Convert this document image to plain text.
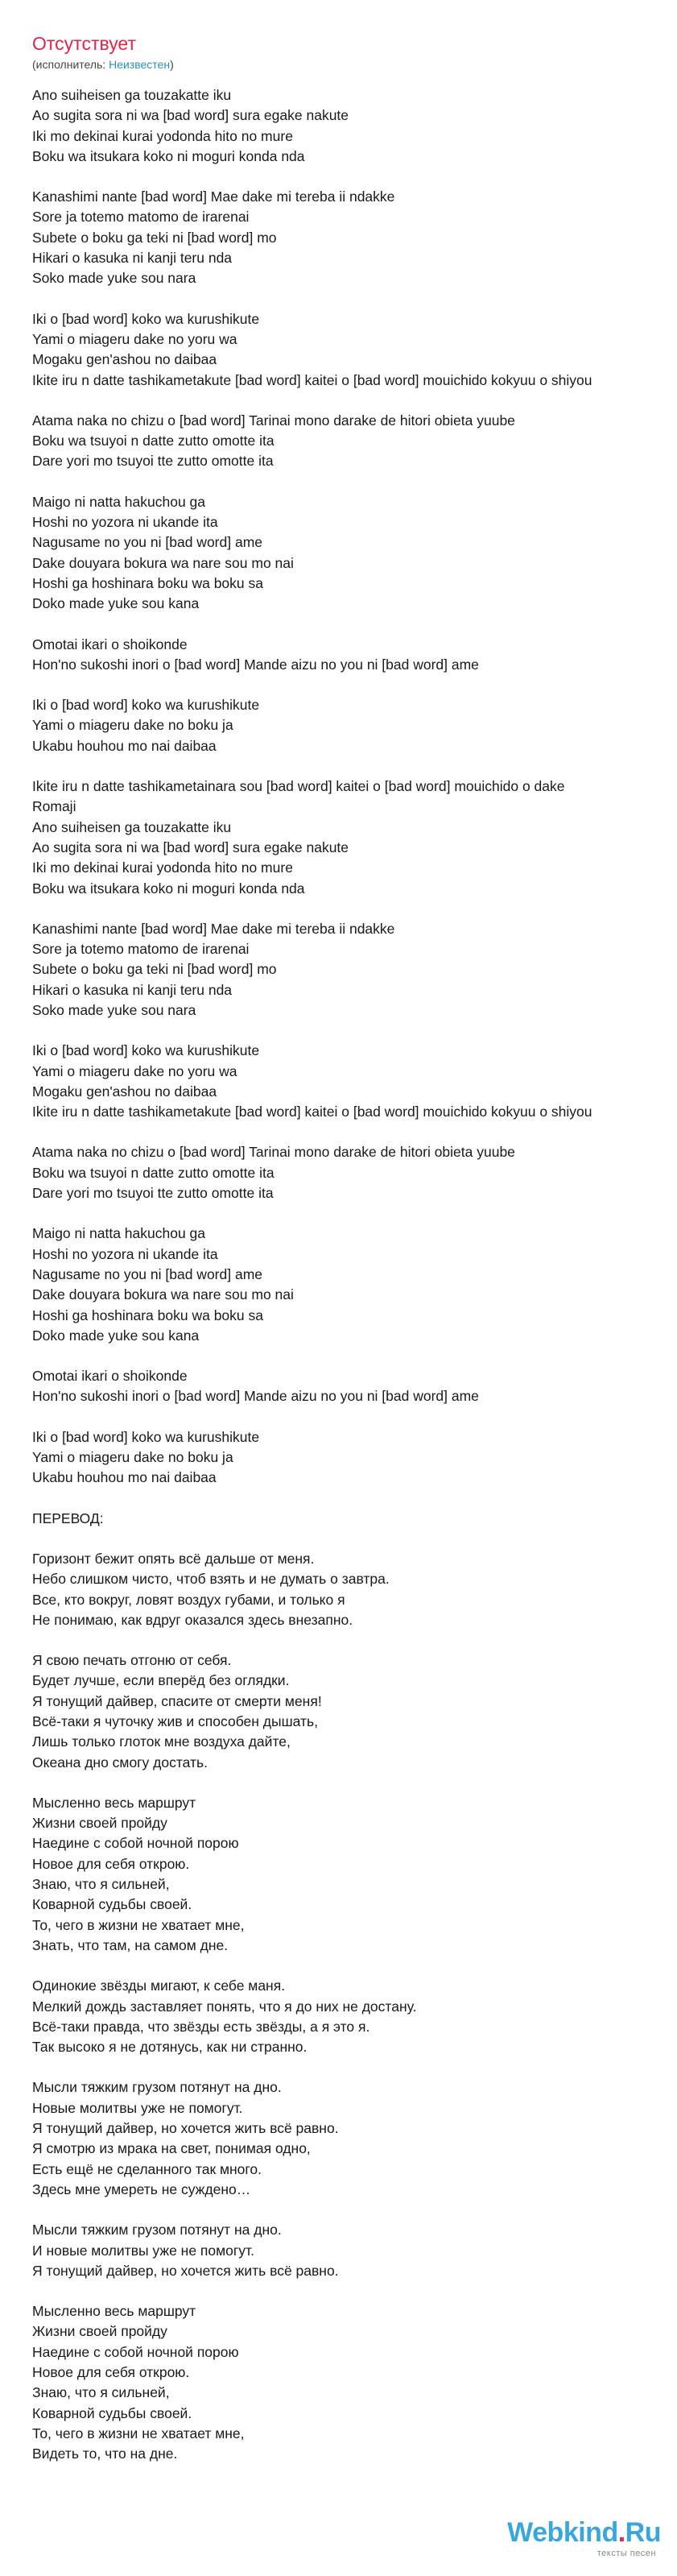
Отсутствует
(исполнитель: Неизвестен)
Ano suiheisen ga touzakatte iku
Ao sugita sora ni wa [bad word] sura egake nakute
Iki mo dekinai kurai yodonda hito no mure
Boku wa itsukara koko ni moguri konda nda
Kanashimi nante [bad word] Mae dake mi tereba ii ndakke
Sore ja totemo matomo de irarenai
Subete o boku ga teki ni [bad word] mo
Hikari o kasuka ni kanji teru nda
Soko made yuke sou nara
Iki o [bad word] koko wa kurushikute
Yami o miageru dake no yoru wa
Mogaku gen'ashou no daibaa
Ikite iru n datte tashikametakute [bad word] kaitei o [bad word] mouichido kokyuu o shiyou
Atama naka no chizu o [bad word] Tarinai mono darake de hitori obieta yuube
Boku wa tsuyoi n datte zutto omotte ita
Dare yori mo tsuyoi tte zutto omotte ita
Maigo ni natta hakuchou ga
Hoshi no yozora ni ukande ita
Nagusame no you ni [bad word] ame
Dake douyara bokura wa nare sou mo nai
Hoshi ga hoshinara boku wa boku sa
Doko made yuke sou kana
Omotai ikari o shoikonde
Hon'no sukoshi inori o [bad word] Mande aizu no you ni [bad word] ame
Iki o [bad word] koko wa kurushikute
Yami o miageru dake no boku ja
Ukabu houhou mo nai daibaa
Ikite iru n datte tashikametainara sou [bad word] kaitei o [bad word] mouichido o dake
Romaji
Ano suiheisen ga touzakatte iku
Ao sugita sora ni wa [bad word] sura egake nakute
Iki mo dekinai kurai yodonda hito no mure
Boku wa itsukara koko ni moguri konda nda
Kanashimi nante [bad word] Mae dake mi tereba ii ndakke
Sore ja totemo matomo de irarenai
Subete o boku ga teki ni [bad word] mo
Hikari o kasuka ni kanji teru nda
Soko made yuke sou nara
Iki o [bad word] koko wa kurushikute
Yami o miageru dake no yoru wa
Mogaku gen'ashou no daibaa
Ikite iru n datte tashikametakute [bad word] kaitei o [bad word] mouichido kokyuu o shiyou
Atama naka no chizu o [bad word] Tarinai mono darake de hitori obieta yuube
Boku wa tsuyoi n datte zutto omotte ita
Dare yori mo tsuyoi tte zutto omotte ita
Maigo ni natta hakuchou ga
Hoshi no yozora ni ukande ita
Nagusame no you ni [bad word] ame
Dake douyara bokura wa nare sou mo nai
Hoshi ga hoshinara boku wa boku sa
Doko made yuke sou kana
Omotai ikari o shoikonde
Hon'no sukoshi inori o [bad word] Mande aizu no you ni [bad word] ame
Iki o [bad word] koko wa kurushikute
Yami o miageru dake no boku ja
Ukabu houhou mo nai daibaa
ПЕРЕВОД:
Горизонт бежит опять всё дальше от меня.
Небо слишком чисто, чтоб взять и не думать о завтра.
Все, кто вокруг, ловят воздух губами, и только я
Не понимаю, как вдруг оказался здесь внезапно.
Я свою печать отгоню от себя.
Будет лучше, если вперёд без оглядки.
Я тонущий дайвер, спасите от смерти меня!
Всё-таки я чуточку жив и способен дышать,
Лишь только глоток мне воздуха дайте,
Океана дно смогу достать.
Мысленно весь маршрут
Жизни своей пройду
Наедине с собой ночной порою
Новое для себя открою.
Знаю, что я сильней,
Коварной судьбы своей.
То, чего в жизни не хватает мне,
Знать, что там, на самом дне.
Одинокие звёзды мигают, к себе маня.
Мелкий дождь заставляет понять, что я до них не достану.
Всё-таки правда, что звёзды есть звёзды, а я это я.
Так высоко я не дотянусь, как ни странно.
Мысли тяжким грузом потянут на дно.
Новые молитвы уже не помогут.
Я тонущий дайвер, но хочется жить всё равно.
Я смотрю из мрака на свет, понимая одно,
Есть ещё не сделанного так много.
Здесь мне умереть не суждено…
Мысли тяжким грузом потянут на дно.
И новые молитвы уже не помогут.
Я тонущий дайвер, но хочется жить всё равно.
Мысленно весь маршрут
Жизни своей пройду
Наедине с собой ночной порою
Новое для себя открою.
Знаю, что я сильней,
Коварной судьбы своей.
То, чего в жизни не хватает мне,
Видеть то, что на дне.
Webkind.Ru
тексты песен
